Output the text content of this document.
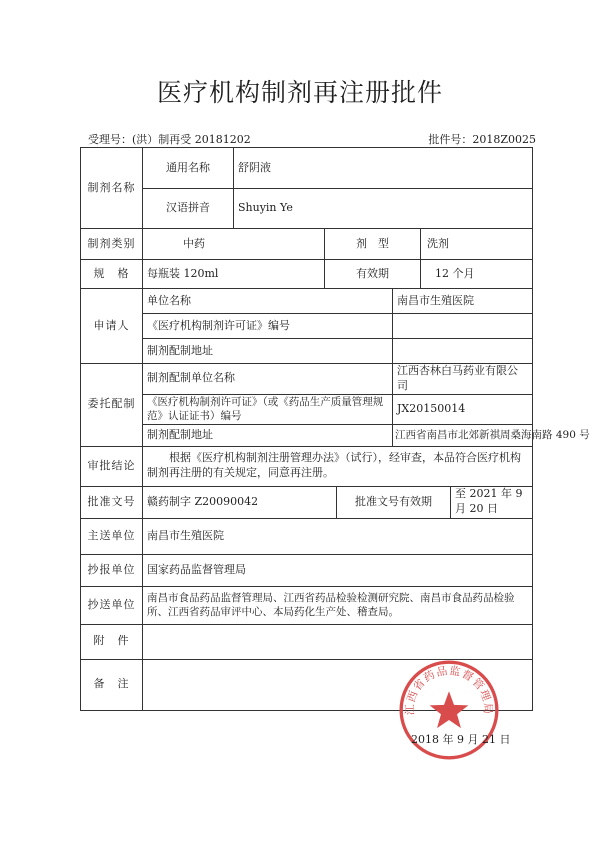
医疗机构制剂再注册批件
受理号：(洪）制再受 20181202	批件号：2018Z0025
制剂名称	通用名称	舒阴液					
	汉语拼音	Shuyin Ye					
制剂类别	中药		剂　型			洗剂	
规　格	每瓶装 120ml		有效期			12 个月	
申请人	单位名称				南昌市生殖医院		
	《医疗机构制剂许可证》编号						
	制剂配制地址						
委托配制	制剂配制单位名称				江西杏林白马药业有限公司		
	《医疗机构制剂许可证》（或《药品生产质量管理规范》认证证书）编号				JX20150014		
	制剂配制地址				江西省南昌市北郊新祺周桑海南路 490 号		
审批结论	根据《医疗机构制剂注册管理办法》（试行），经审查，本品符合医疗机构制剂再注册的有关规定，同意再注册。						
批准文号	赣药制字 Z20090042			批准文号有效期			至 2021 年 9 月 20 日
主送单位	南昌市生殖医院						
抄报单位	国家药品监督管理局						
抄送单位	南昌市食品药品监督管理局、江西省药品检验检测研究院、南昌市食品药品检验所、江西省药品审评中心、本局药化生产处、稽查局。						
附　件							
备　注							
江西省药品监督管理局
2018 年 9 月 21 日
